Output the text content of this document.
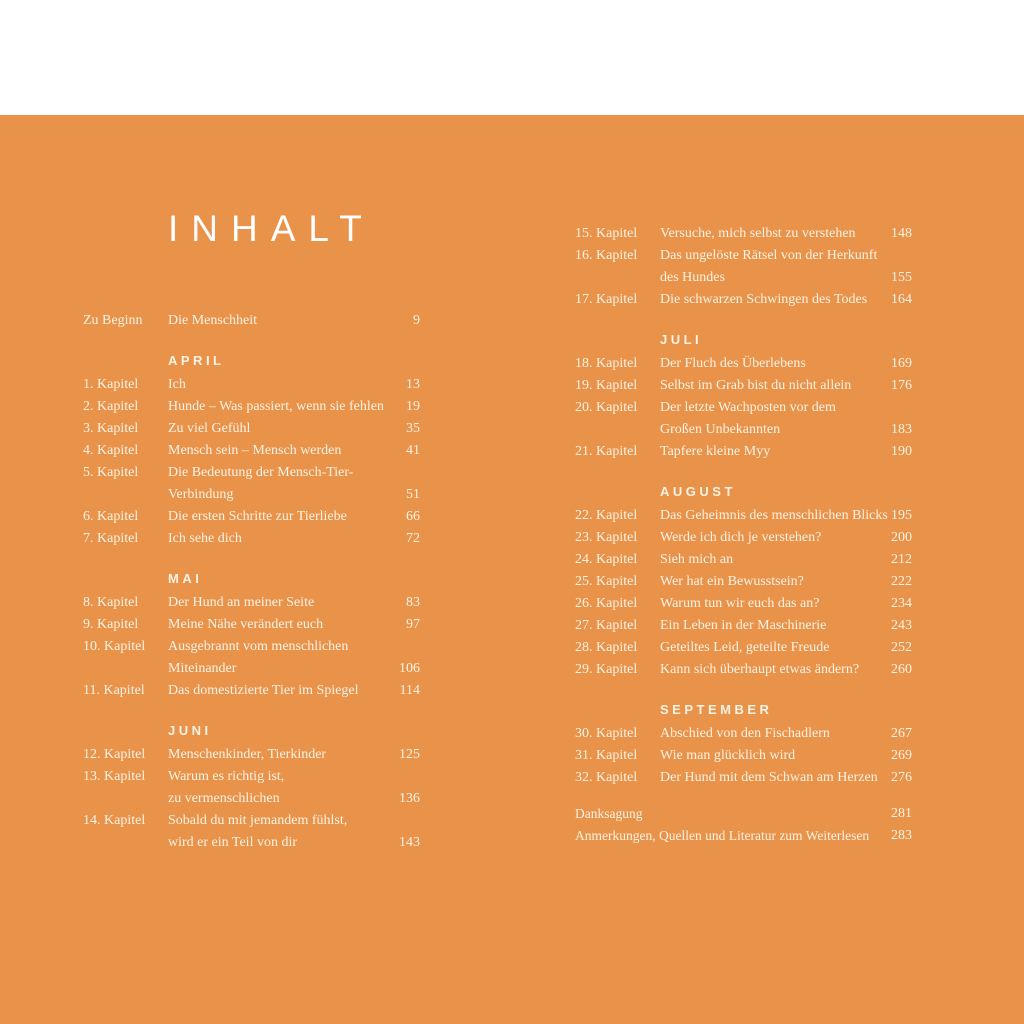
INHALT
Zu Beginn	Die Menschheit	9
APRIL
1. Kapitel	Ich	13
2. Kapitel	Hunde – Was passiert, wenn sie fehlen	19
3. Kapitel	Zu viel Gefühl	35
4. Kapitel	Mensch sein – Mensch werden	41
5. Kapitel	Die Bedeutung der Mensch-Tier-
Verbindung	51
6. Kapitel	Die ersten Schritte zur Tierliebe	66
7. Kapitel	Ich sehe dich	72
MAI
8. Kapitel	Der Hund an meiner Seite	83
9. Kapitel	Meine Nähe verändert euch	97
10. Kapitel	Ausgebrannt vom menschlichen
Miteinander	106
11. Kapitel	Das domestizierte Tier im Spiegel	114
JUNI
12. Kapitel	Menschenkinder, Tierkinder	125
13. Kapitel	Warum es richtig ist,
zu vermenschlichen	136
14. Kapitel	Sobald du mit jemandem fühlst,
wird er ein Teil von dir	143
15. Kapitel	Versuche, mich selbst zu verstehen	148
16. Kapitel	Das ungelöste Rätsel von der Herkunft
des Hundes	155
17. Kapitel	Die schwarzen Schwingen des Todes	164
JULI
18. Kapitel	Der Fluch des Überlebens	169
19. Kapitel	Selbst im Grab bist du nicht allein	176
20. Kapitel	Der letzte Wachposten vor dem
Großen Unbekannten	183
21. Kapitel	Tapfere kleine Myy	190
AUGUST
22. Kapitel	Das Geheimnis des menschlichen Blicks 195
23. Kapitel	Werde ich dich je verstehen?	200
24. Kapitel	Sieh mich an	212
25. Kapitel	Wer hat ein Bewusstsein?	222
26. Kapitel	Warum tun wir euch das an?	234
27. Kapitel	Ein Leben in der Maschinerie	243
28. Kapitel	Geteiltes Leid, geteilte Freude	252
29. Kapitel	Kann sich überhaupt etwas ändern?	260
SEPTEMBER
30. Kapitel	Abschied von den Fischadlern	267
31. Kapitel	Wie man glücklich wird	269
32. Kapitel	Der Hund mit dem Schwan am Herzen 276
Danksagung	281
Anmerkungen, Quellen und Literatur zum Weiterlesen	283
